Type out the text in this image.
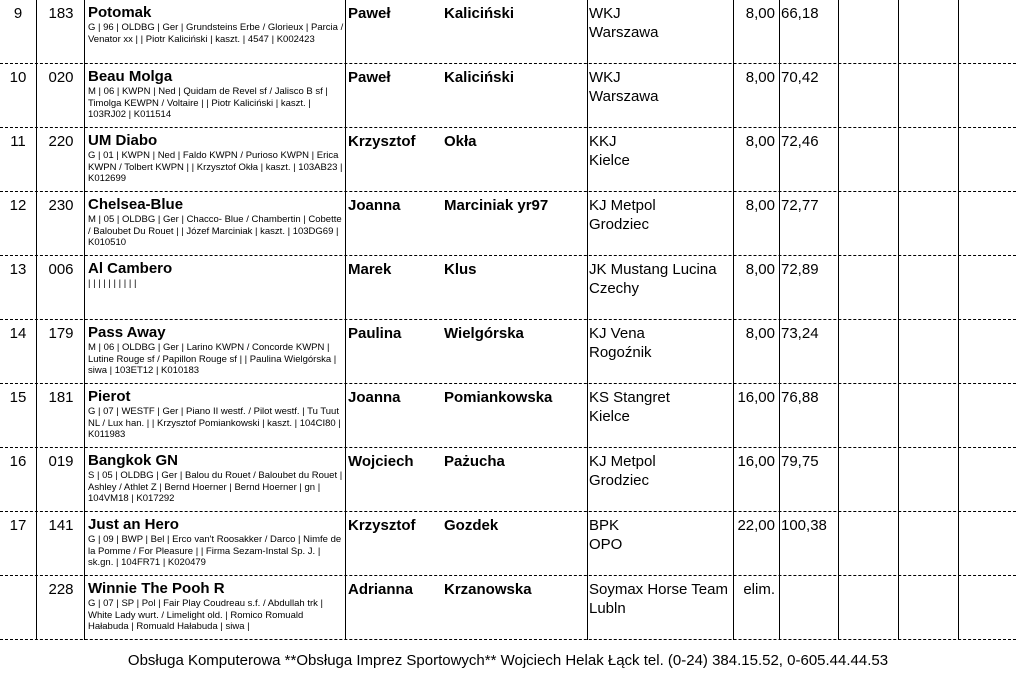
9	183 Potomak
G | 96 | OLDBG | Ger | Grundsteins Erbe / Glorieux | Parcia / Venator xx | | Piotr Kaliciński | kaszt. | 4547 | K002423
Paweł	Kaliciński	WKJ
Warszawa
8,00 66,18
10	020 Beau Molga
M | 06 | KWPN | Ned | Quidam de Revel sf / Jalisco B sf | Timolga KEWPN / Voltaire | | Piotr Kaliciński | kaszt. | 103RJ02 | K011514
Paweł	Kaliciński	WKJ
Warszawa
8,00 70,42
11	220 UM Diabo
G | 01 | KWPN | Ned | Faldo KWPN / Purioso KWPN | Erica KWPN / Tolbert KWPN | | Krzysztof Okła | kaszt. | 103AB23 | K012699
Krzysztof	Okła	KKJ
Kielce
8,00 72,46
12	230 Chelsea-Blue
M | 05 | OLDBG | Ger | Chacco- Blue / Chambertin | Cobette / Baloubet Du Rouet | | Józef Marciniak | kaszt. | 103DG69 | K010510
Joanna	Marciniak yr97	KJ Metpol
Grodziec
8,00 72,77
13	006 Al Cambero
| | | | | | | | | |
Marek	Klus	JK Mustang Lucina
Czechy
8,00 72,89
14	179 Pass Away
M | 06 | OLDBG | Ger | Larino KWPN / Concorde KWPN | Lutine Rouge sf / Papillon Rouge sf | | Paulina Wielgórska | siwa | 103ET12 | K010183
Paulina	Wielgórska	KJ Vena
Rogoźnik
8,00 73,24
15	181 Pierot
G | 07 | WESTF | Ger | Piano II westf. / Pilot westf. | Tu Tuut NL / Lux han. | | Krzysztof Pomiankowski | kaszt. | 104CI80 | K011983
Joanna	Pomiankowska	KS Stangret
Kielce
16,00 76,88
16	019 Bangkok GN
S | 05 | OLDBG | Ger | Balou du Rouet / Baloubet du Rouet | Ashley / Athlet Z | Bernd Hoerner | Bernd Hoerner | gn | 104VM18 | K017292
Wojciech	Pażucha	KJ Metpol
Grodziec
16,00 79,75
17	141 Just an Hero
G | 09 | BWP | Bel | Erco van't Roosakker / Darco | Nimfe de la Pomme / For Pleasure | | Firma Sezam-Instal Sp. J. | sk.gn. | 104FR71 | K020479
Krzysztof	Gozdek	BPK
OPO
22,00 100,38
228 Winnie The Pooh R
G | 07 | SP | Pol | Fair Play Coudreau s.f. / Abdullah trk | White Lady wurt. / Limelight old. | Romico Romuald Hałabuda | Romuald Hałabuda | siwa |
Adrianna	Krzanowska	Soymax Horse Team
Lubln
elim.
Obsługa Komputerowa **Obsługa Imprez Sportowych** Wojciech Helak Łąck tel. (0-24) 384.15.52, 0-605.44.44.53
